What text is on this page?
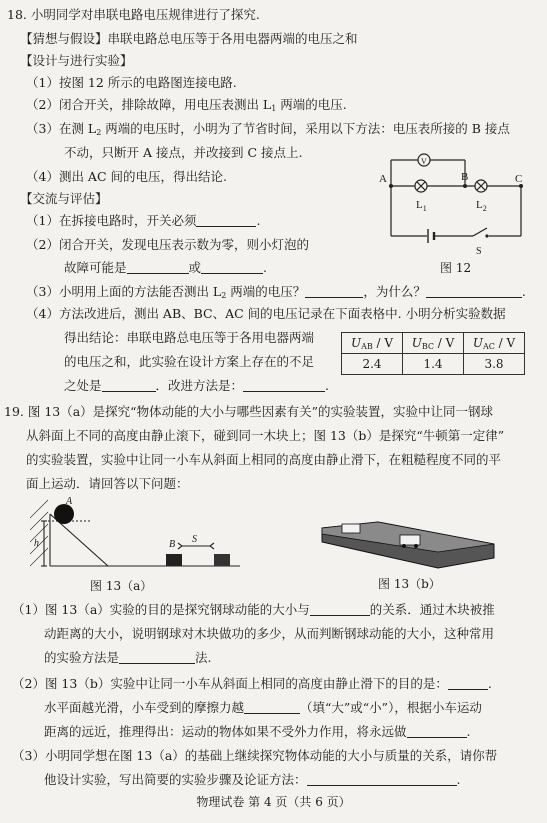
18. 小明同学对串联电路电压规律进行了探究.
【猜想与假设】串联电路总电压等于各用电器两端的电压之和
【设计与进行实验】
（1）按图 12 所示的电路图连接电路.
（2）闭合开关，排除故障，用电压表测出 $L_1$ 两端的电压.
（3）在测 $L_2$ 两端的电压时，小明为了节省时间，采用以下方法：电压表所接的 B 接点
不动，只断开 A 接点，并改接到 C 接点上.
（4）测出 AC 间的电压，得出结论.
【交流与评估】
（1）在拆接电路时，开关必须	.
（2）闭合开关，发现电压表示数为零，则小灯泡的
故障可能是	或	.
（3）小明用上面的方法能否测出 $L_2$ 两端的电压？	，为什么？	.
（4）方法改进后，测出 AB、BC、AC 间的电压记录在下面表格中. 小明分析实验数据
得出结论：串联电路总电压等于各用电器两端
的电压之和，此实验在设计方案上存在的不足
之处是	．改进方法是：	.
$U_{AB}$ / V	$U_{BC}$ / V	$U_{AC}$ / V
2.4	1.4	3.8
V
A	B	C
$L_1$	$L_2$
S
图 12
19. 图 13（a）是探究“物体动能的大小与哪些因素有关”的实验装置，实验中让同一钢球
从斜面上不同的高度由静止滚下，碰到同一木块上；图 13（b）是探究“牛顿第一定律”
的实验装置，实验中让同一小车从斜面上相同的高度由静止滑下，在粗糙程度不同的平
面上运动．请回答以下问题：
A
h	B S
图 13（a）	图 13（b）
（1）图 13（a）实验的目的是探究钢球动能的大小与	的关系．通过木块被推
动距离的大小，说明钢球对木块做功的多少，从而判断钢球动能的大小，这种常用
的实验方法是	法.
（2）图 13（b）实验中让同一小车从斜面上相同的高度由静止滑下的目的是：	.
水平面越光滑，小车受到的摩擦力越	（填“大”或“小”），根据小车运动
距离的远近，推理得出：运动的物体如果不受外力作用，将永远做	.
（3）小明同学想在图 13（a）的基础上继续探究物体动能的大小与质量的关系，请你帮
他设计实验，写出简要的实验步骤及论证方法：	.
物理试卷 第 4 页（共 6 页）
